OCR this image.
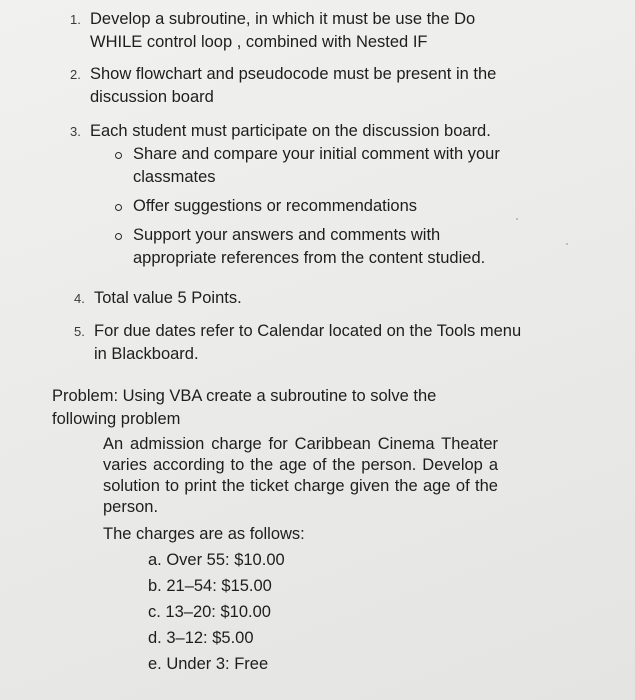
1. Develop a subroutine, in which it must be use the Do WHILE control loop , combined with Nested IF
2. Show flowchart and pseudocode must be present in the discussion board
3. Each student must participate on the discussion board.
Share and compare your initial comment with your classmates
Offer suggestions or recommendations
Support your answers and comments with appropriate references from the content studied.
4. Total value 5 Points.
5. For due dates refer to Calendar located on the Tools menu in Blackboard.
Problem: Using VBA create a subroutine to solve the following problem
An admission charge for Caribbean Cinema Theater varies according to the age of the person. Develop a solution to print the ticket charge given the age of the person.
The charges are as follows:
a. Over 55: $10.00
b. 21–54: $15.00
c. 13–20: $10.00
d. 3–12: $5.00
e. Under 3: Free
